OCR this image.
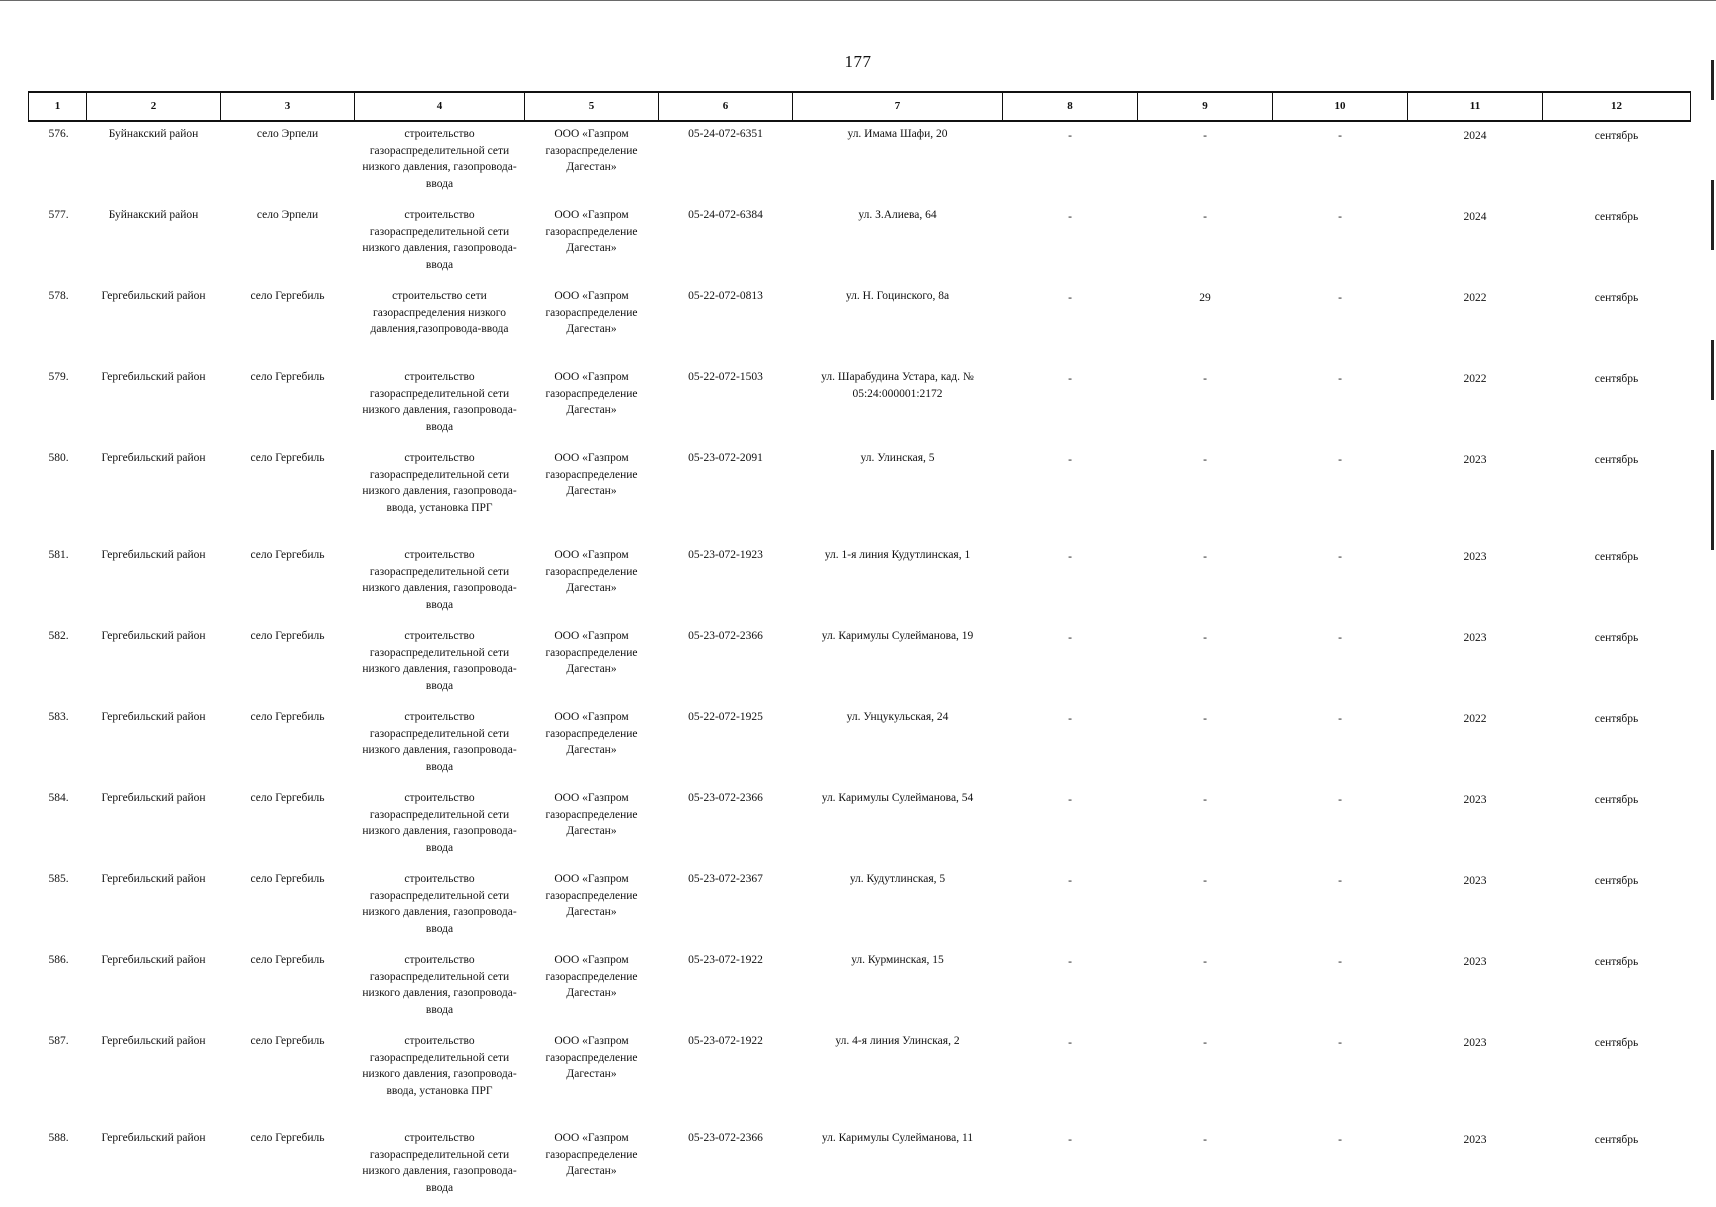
177
1	2	3	4	5	6	7	8	9	10	11	12
576.	Буйнакский район	село Эрпели	строительство газораспределительной сети низкого давления, газопровода-ввода	ООО «Газпром газораспределение Дагестан»	05-24-072-6351	ул. Имама Шафи, 20	-	-	-	2024	сентябрь
577.	Буйнакский район	село Эрпели	строительство газораспределительной сети низкого давления, газопровода-ввода	ООО «Газпром газораспределение Дагестан»	05-24-072-6384	ул. З.Алиева, 64	-	-	-	2024	сентябрь
578.	Гергебильский район	село Гергебиль	строительство сети газораспределения низкого давления,газопровода-ввода	ООО «Газпром газораспределение Дагестан»	05-22-072-0813	ул. Н. Гоцинского, 8а	-	29	-	2022	сентябрь
579.	Гергебильский район	село Гергебиль	строительство газораспределительной сети низкого давления, газопровода-ввода	ООО «Газпром газораспределение Дагестан»	05-22-072-1503	ул. Шарабудина Устара, кад. № 05:24:000001:2172	-	-	-	2022	сентябрь
580.	Гергебильский район	село Гергебиль	строительство газораспределительной сети низкого давления, газопровода-ввода, установка ПРГ	ООО «Газпром газораспределение Дагестан»	05-23-072-2091	ул. Улинская, 5	-	-	-	2023	сентябрь
581.	Гергебильский район	село Гергебиль	строительство газораспределительной сети низкого давления, газопровода-ввода	ООО «Газпром газораспределение Дагестан»	05-23-072-1923	ул. 1-я линия Кудутлинская, 1	-	-	-	2023	сентябрь
582.	Гергебильский район	село Гергебиль	строительство газораспределительной сети низкого давления, газопровода-ввода	ООО «Газпром газораспределение Дагестан»	05-23-072-2366	ул. Каримулы Сулейманова, 19	-	-	-	2023	сентябрь
583.	Гергебильский район	село Гергебиль	строительство газораспределительной сети низкого давления, газопровода-ввода	ООО «Газпром газораспределение Дагестан»	05-22-072-1925	ул. Унцукульская, 24	-	-	-	2022	сентябрь
584.	Гергебильский район	село Гергебиль	строительство газораспределительной сети низкого давления, газопровода-ввода	ООО «Газпром газораспределение Дагестан»	05-23-072-2366	ул. Каримулы Сулейманова, 54	-	-	-	2023	сентябрь
585.	Гергебильский район	село Гергебиль	строительство газораспределительной сети низкого давления, газопровода-ввода	ООО «Газпром газораспределение Дагестан»	05-23-072-2367	ул. Кудутлинская, 5	-	-	-	2023	сентябрь
586.	Гергебильский район	село Гергебиль	строительство газораспределительной сети низкого давления, газопровода-ввода	ООО «Газпром газораспределение Дагестан»	05-23-072-1922	ул. Курминская, 15	-	-	-	2023	сентябрь
587.	Гергебильский район	село Гергебиль	строительство газораспределительной сети низкого давления, газопровода-ввода, установка ПРГ	ООО «Газпром газораспределение Дагестан»	05-23-072-1922	ул. 4-я линия Улинская, 2	-	-	-	2023	сентябрь
588.	Гергебильский район	село Гергебиль	строительство газораспределительной сети низкого давления, газопровода-ввода	ООО «Газпром газораспределение Дагестан»	05-23-072-2366	ул. Каримулы Сулейманова, 11	-	-	-	2023	сентябрь
